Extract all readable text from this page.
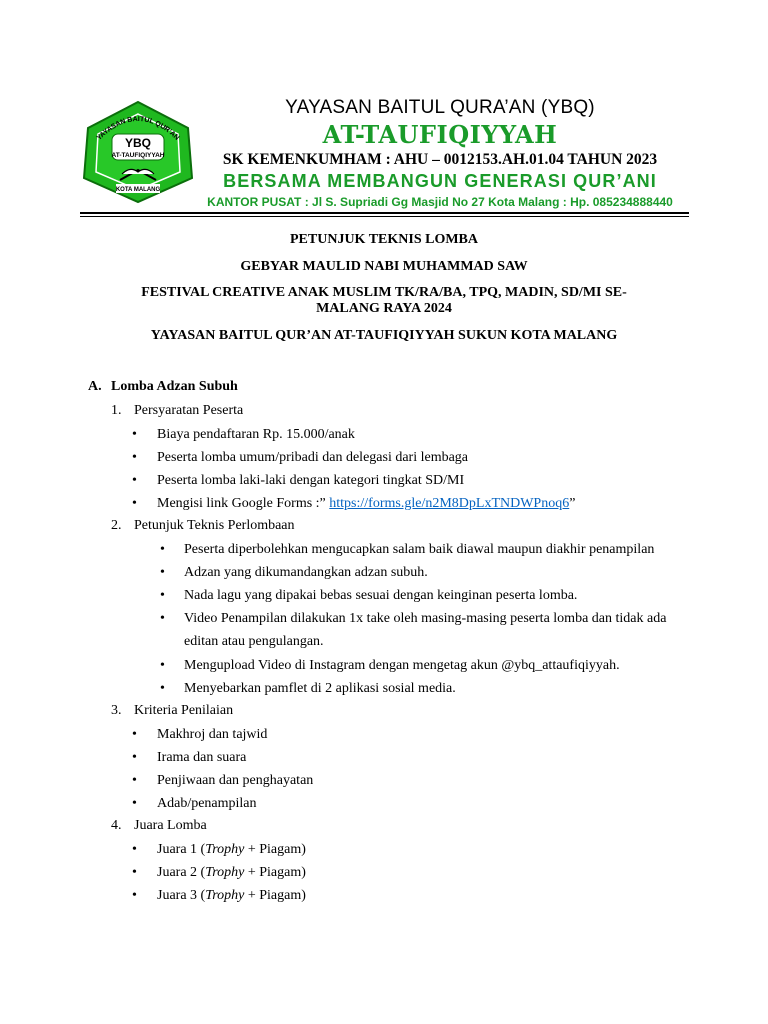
YAYASAN BAITUL QUR'AN
YBQ
AT-TAUFIQIYYAH
KOTA MALANG
YAYASAN BAITUL QURA’AN (YBQ)
AT-TAUFIQIYYAH
SK KEMENKUMHAM : AHU – 0012153.AH.01.04 TAHUN 2023
BERSAMA MEMBANGUN GENERASI QUR’ANI
KANTOR PUSAT : Jl S. Supriadi Gg Masjid No 27 Kota Malang : Hp. 085234888440
PETUNJUK TEKNIS LOMBA
GEBYAR MAULID NABI MUHAMMAD SAW
FESTIVAL CREATIVE ANAK MUSLIM TK/RA/BA, TPQ, MADIN, SD/MI SE-
MALANG RAYA 2024
YAYASAN BAITUL QUR’AN AT-TAUFIQIYYAH SUKUN KOTA MALANG
A. Lomba Adzan Subuh
1. Persyaratan Peserta
• Biaya pendaftaran Rp. 15.000/anak
• Peserta lomba umum/pribadi dan delegasi dari lembaga
• Peserta lomba laki-laki dengan kategori tingkat SD/MI
• Mengisi link Google Forms :” https://forms.gle/n2M8DpLxTNDWPnoq6”
2. Petunjuk Teknis Perlombaan
• Peserta diperbolehkan mengucapkan salam baik diawal maupun diakhir penampilan
• Adzan yang dikumandangkan adzan subuh.
• Nada lagu yang dipakai bebas sesuai dengan keinginan peserta lomba.
• Video Penampilan dilakukan 1x take oleh masing-masing peserta lomba dan tidak ada
editan atau pengulangan.
• Mengupload Video di Instagram dengan mengetag akun @ybq_attaufiqiyyah.
• Menyebarkan pamflet di 2 aplikasi sosial media.
3. Kriteria Penilaian
• Makhroj dan tajwid
• Irama dan suara
• Penjiwaan dan penghayatan
• Adab/penampilan
4. Juara Lomba
• Juara 1 (Trophy + Piagam)
• Juara 2 (Trophy + Piagam)
• Juara 3 (Trophy + Piagam)
